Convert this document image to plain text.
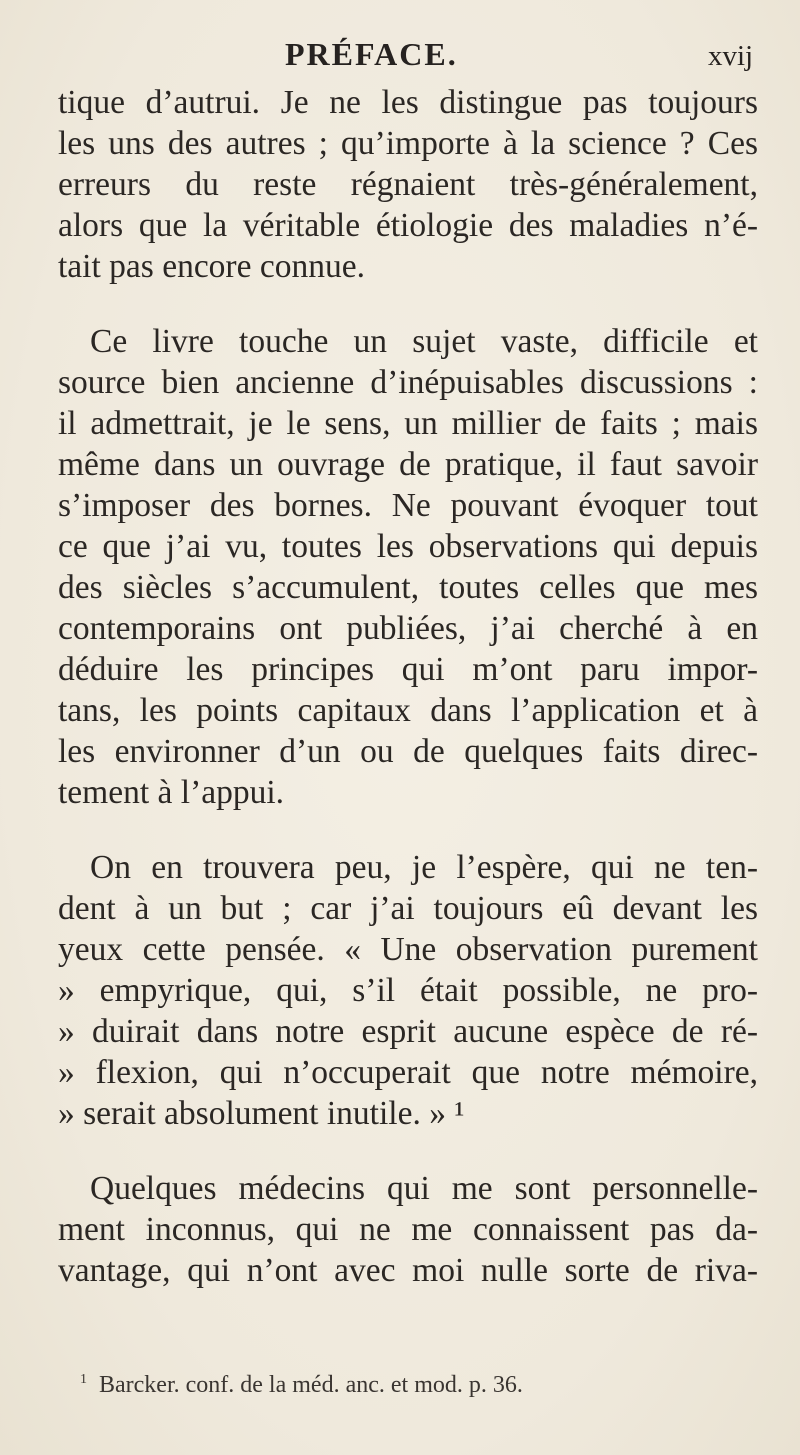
PRÉFACE.	xvij
tique d’autrui. Je ne les distingue pas toujours
les uns des autres ; qu’importe à la science ? Ces
erreurs du reste régnaient très-généralement,
alors que la véritable étiologie des maladies n’é-
tait pas encore connue.
Ce livre touche un sujet vaste, difficile et
source bien ancienne d’inépuisables discussions :
il admettrait, je le sens, un millier de faits ; mais
même dans un ouvrage de pratique, il faut savoir
s’imposer des bornes. Ne pouvant évoquer tout
ce que j’ai vu, toutes les observations qui depuis
des siècles s’accumulent, toutes celles que mes
contemporains ont publiées, j’ai cherché à en
déduire les principes qui m’ont paru impor-
tans, les points capitaux dans l’application et à
les environner d’un ou de quelques faits direc-
tement à l’appui.
On en trouvera peu, je l’espère, qui ne ten-
dent à un but ; car j’ai toujours eû devant les
yeux cette pensée. « Une observation purement
» empyrique, qui, s’il était possible, ne pro-
» duirait dans notre esprit aucune espèce de ré-
» flexion, qui n’occuperait que notre mémoire,
» serait absolument inutile. » ¹
Quelques médecins qui me sont personnelle-
ment inconnus, qui ne me connaissent pas da-
vantage, qui n’ont avec moi nulle sorte de riva-
$^1$ Barcker. conf. de la méd. anc. et mod. p. 36.
